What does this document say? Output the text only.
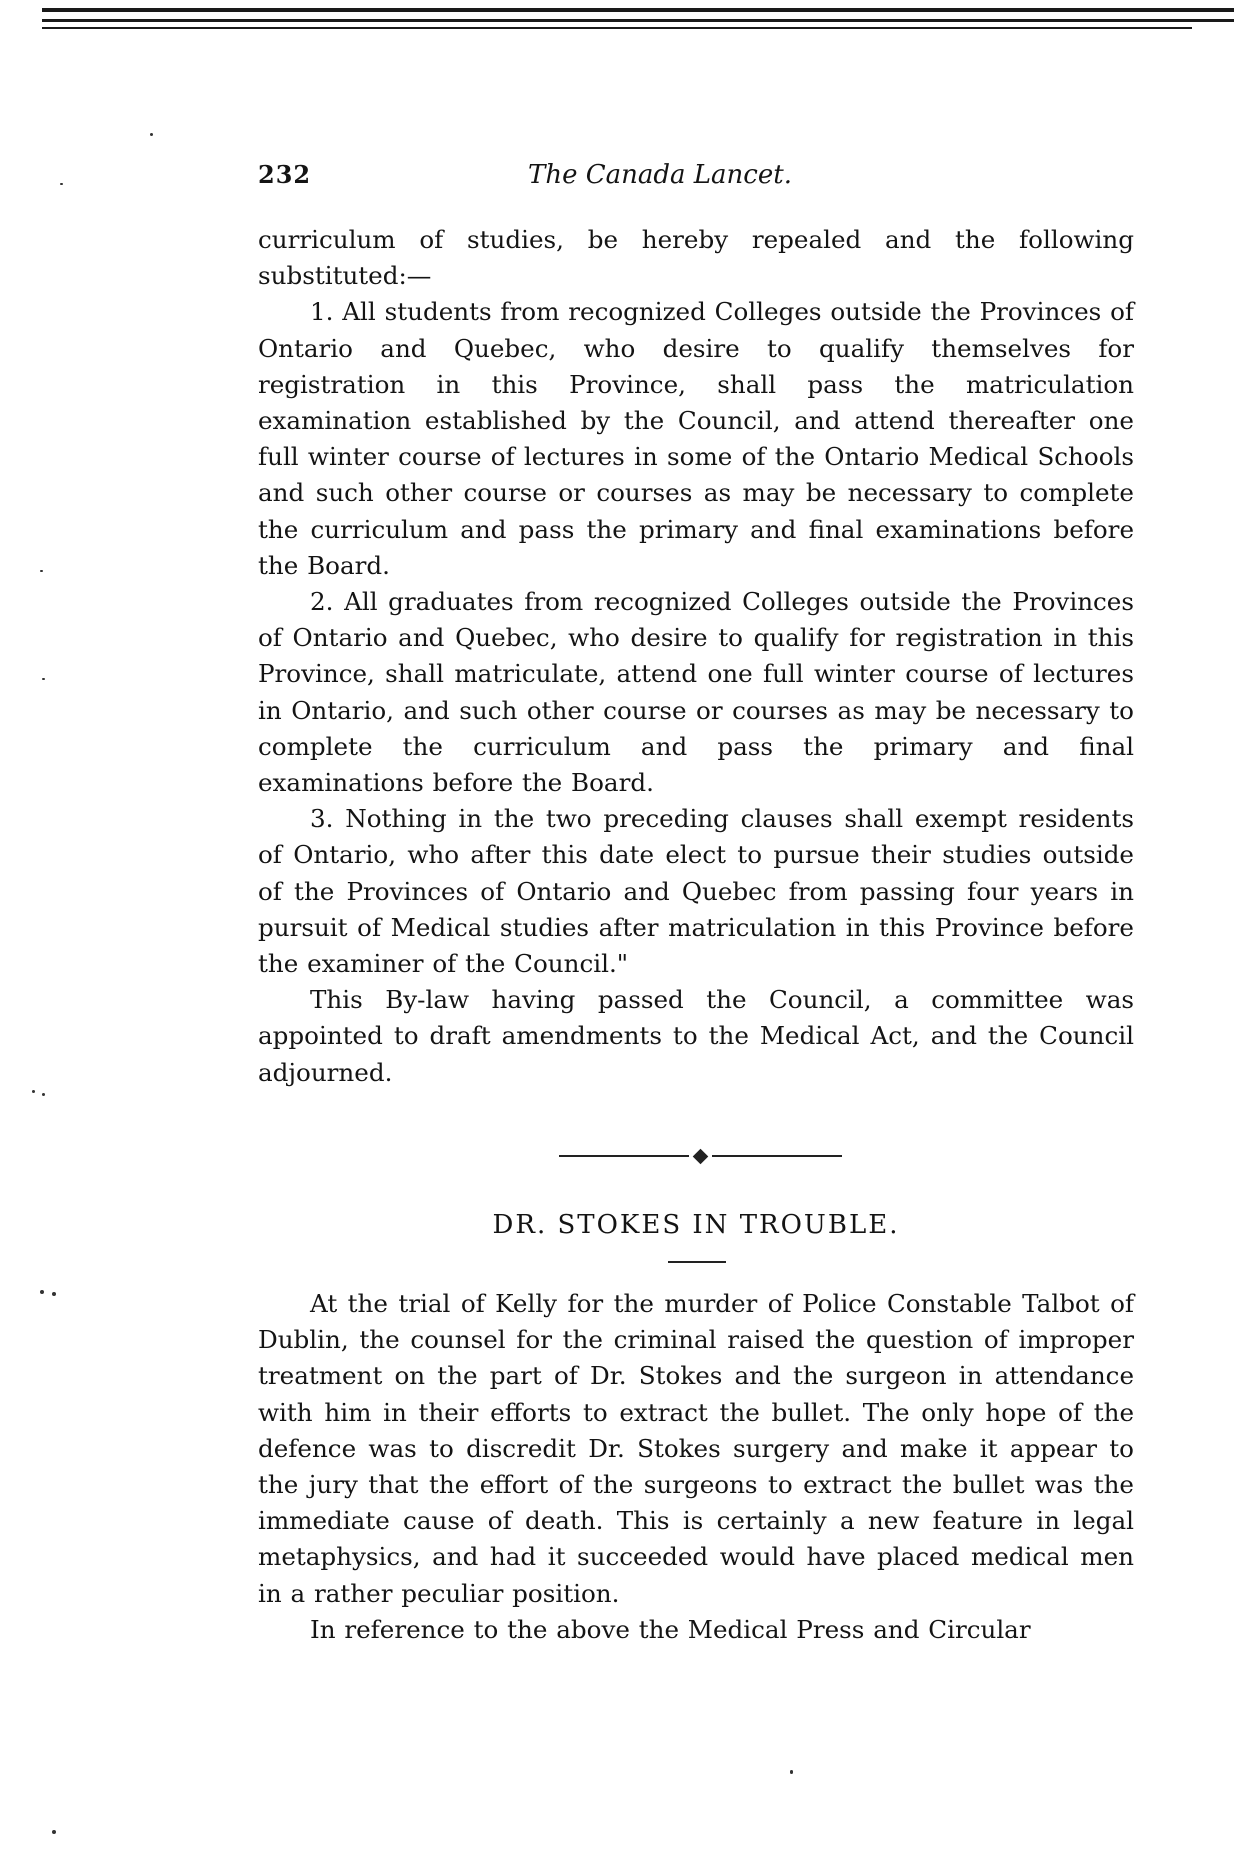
232	The Canada Lancet.

curriculum of studies, be hereby repealed and the following substituted:—

1. All students from recognized Colleges outside the Provinces of Ontario and Quebec, who desire to qualify themselves for registration in this Province, shall pass the matriculation examination established by the Council, and attend thereafter one full winter course of lectures in some of the Ontario Medical Schools and such other course or courses as may be necessary to complete the curriculum and pass the primary and final examinations before the Board.

2. All graduates from recognized Colleges outside the Provinces of Ontario and Quebec, who desire to qualify for registration in this Province, shall matriculate, attend one full winter course of lectures in Ontario, and such other course or courses as may be necessary to complete the curriculum and pass the primary and final examinations before the Board.

3. Nothing in the two preceding clauses shall exempt residents of Ontario, who after this date elect to pursue their studies outside of the Provinces of Ontario and Quebec from passing four years in pursuit of Medical studies after matriculation in this Province before the examiner of the Council."

This By-law having passed the Council, a committee was appointed to draft amendments to the Medical Act, and the Council adjourned.

DR. STOKES IN TROUBLE.

At the trial of Kelly for the murder of Police Constable Talbot of Dublin, the counsel for the criminal raised the question of improper treatment on the part of Dr. Stokes and the surgeon in attendance with him in their efforts to extract the bullet. The only hope of the defence was to discredit Dr. Stokes surgery and make it appear to the jury that the effort of the surgeons to extract the bullet was the immediate cause of death. This is certainly a new feature in legal metaphysics, and had it succeeded would have placed medical men in a rather peculiar position.

In reference to the above the Medical Press and Circular
